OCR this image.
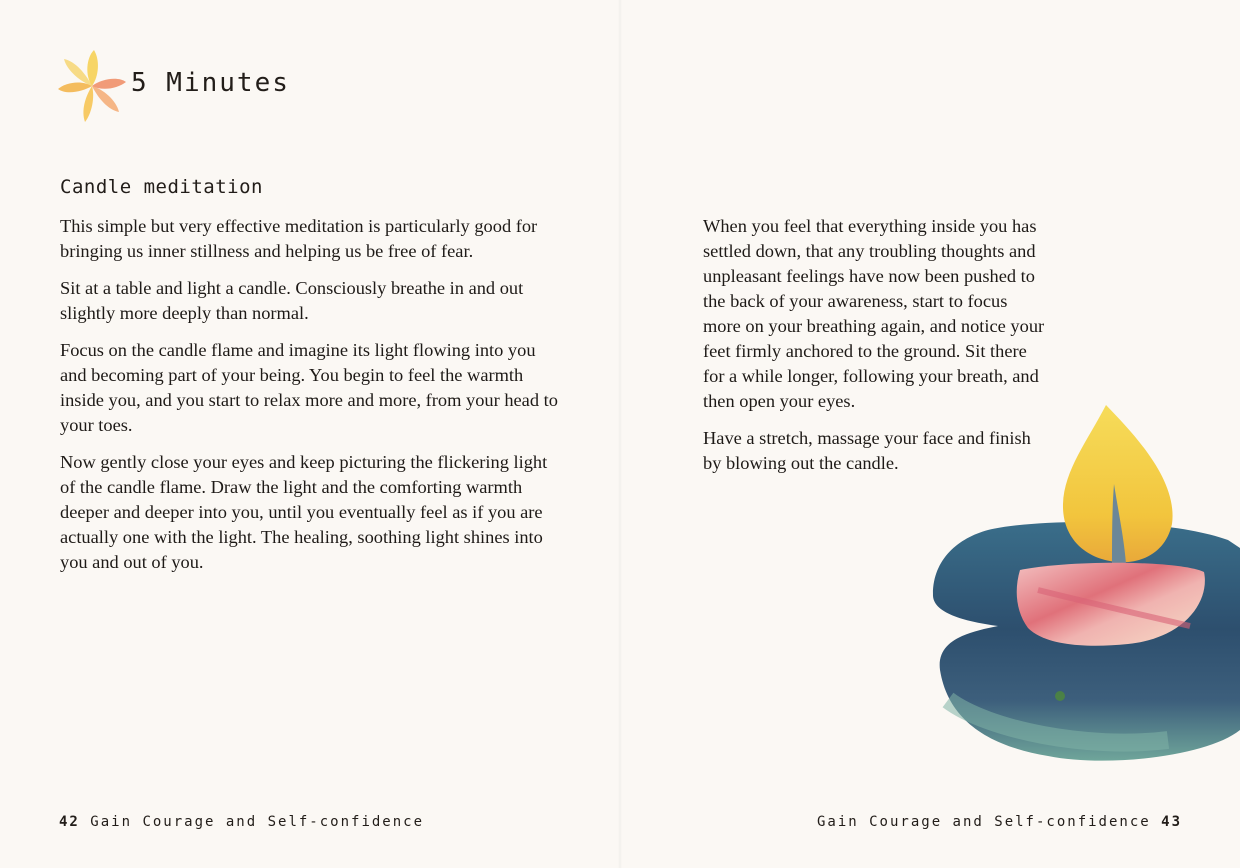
5 Minutes
Candle meditation

This simple but very effective meditation is particularly good for bringing us inner stillness and helping us be free of fear.

Sit at a table and light a candle. Consciously breathe in and out slightly more deeply than normal.

Focus on the candle flame and imagine its light flowing into you and becoming part of your being. You begin to feel the warmth inside you, and you start to relax more and more, from your head to your toes.

Now gently close your eyes and keep picturing the flickering light of the candle flame. Draw the light and the comforting warmth deeper and deeper into you, until you eventually feel as if you are actually one with the light. The healing, soothing light shines into you and out of you.

When you feel that everything inside you has settled down, that any troubling thoughts and unpleasant feelings have now been pushed to the back of your awareness, start to focus more on your breathing again, and notice your feet firmly anchored to the ground. Sit there for a while longer, following your breath, and then open your eyes.

Have a stretch, massage your face and finish by blowing out the candle.

42 Gain Courage and Self-confidence	Gain Courage and Self-confidence 43
